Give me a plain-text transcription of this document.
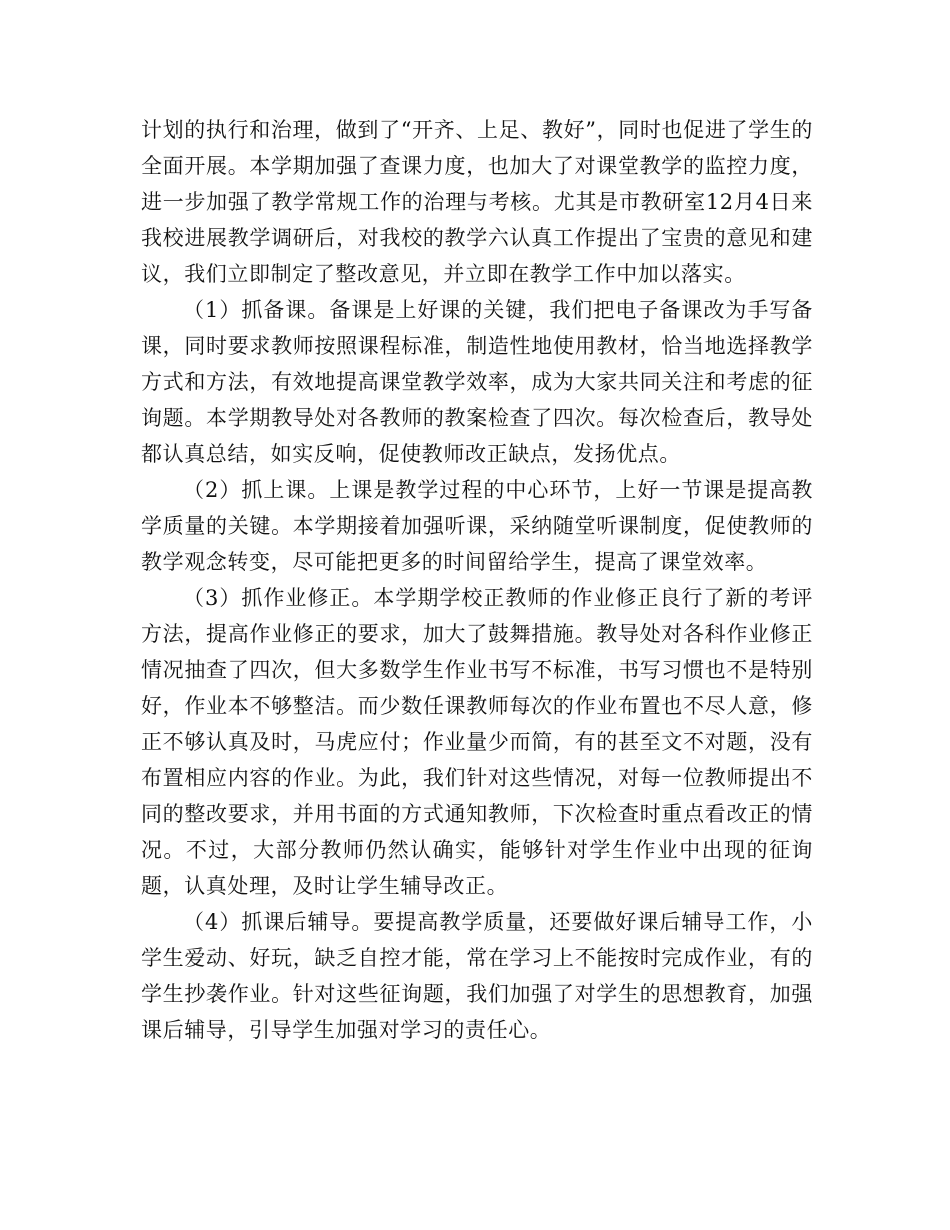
计划的执行和治理，做到了“开齐、上足、教好”，同时也促进了学生的全面开展。本学期加强了查课力度，也加大了对课堂教学的监控力度，进一步加强了教学常规工作的治理与考核。尤其是市教研室12月4日来我校进展教学调研后，对我校的教学六认真工作提出了宝贵的意见和建议，我们立即制定了整改意见，并立即在教学工作中加以落实。

（1）抓备课。备课是上好课的关键，我们把电子备课改为手写备课，同时要求教师按照课程标准，制造性地使用教材，恰当地选择教学方式和方法，有效地提高课堂教学效率，成为大家共同关注和考虑的征询题。本学期教导处对各教师的教案检查了四次。每次检查后，教导处都认真总结，如实反响，促使教师改正缺点，发扬优点。

（2）抓上课。上课是教学过程的中心环节，上好一节课是提高教学质量的关键。本学期接着加强听课，采纳随堂听课制度，促使教师的教学观念转变，尽可能把更多的时间留给学生，提高了课堂效率。

（3）抓作业修正。本学期学校正教师的作业修正良行了新的考评方法，提高作业修正的要求，加大了鼓舞措施。教导处对各科作业修正情况抽查了四次，但大多数学生作业书写不标准，书写习惯也不是特别好，作业本不够整洁。而少数任课教师每次的作业布置也不尽人意，修正不够认真及时，马虎应付；作业量少而简，有的甚至文不对题，没有布置相应内容的作业。为此，我们针对这些情况，对每一位教师提出不同的整改要求，并用书面的方式通知教师，下次检查时重点看改正的情况。不过，大部分教师仍然认确实，能够针对学生作业中出现的征询题，认真处理，及时让学生辅导改正。

（4）抓课后辅导。要提高教学质量，还要做好课后辅导工作，小学生爱动、好玩，缺乏自控才能，常在学习上不能按时完成作业，有的学生抄袭作业。针对这些征询题，我们加强了对学生的思想教育，加强课后辅导，引导学生加强对学习的责任心。
